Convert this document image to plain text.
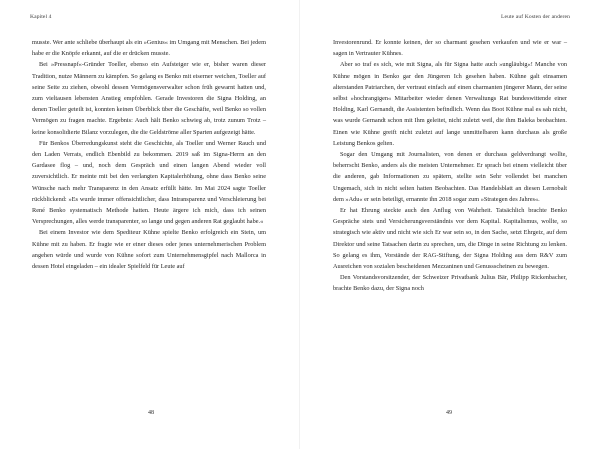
Kapitel 4

musste. Wer ante schliebe überhaupt als ein »Genius« im Umgang mit Menschen. Bei jedem habe er die Knöpfe erkannt, auf die er drücken musste.

Bei »Pressnapf«-Gründer Toeller, ebenso ein Aufsteiger wie er, bisher waren dieser Tradition, nutze Männern zu kämpfen. So gelang es Benko mit eiserner weichen, Toeller auf seine Seite zu ziehen, obwohl dessen Vermögensverwalter schon früh gewarnt hatten und, zum vieltausen lebensten Anstieg empfohlen. Gerade Investoren die Signa Holding, an denen Toeller geteilt ist, konnten keinen Überblick über die Geschäfte, weil Benko so vollen Vermögen zu fragen machte. Ergebnis: Auch hält Benko schwieg ab, trotz zunum Trotz – keine konsolidierte Bilanz vorzulegen, die die Geldströme aller Sparten aufgezeigt hätte.

Für Benkos Überredungskunst steht die Geschichte, als Toeller und Werner Rauch und den Laden Verrats, endlich Ebenbild zu bekommen. 2019 saß im Signa-Herrn an den Gardasee flog – und, noch dem Gespräch und einen langen Abend wieder voll zuversichtlich. Er meinte mit bei den verlangten Kapitalerhöhung, ohne dass Benko seine Wünsche nach mehr Transparenz in den Ansatz erfüllt hätte. Im Mai 2024 sagte Toeller rückblickend: »Es wurde immer offensichtlicher, dass Intransparenz und Verschleierung bei René Benko systematisch Methode hatten. Heute ärgere ich mich, dass ich seinen Versprechungen, alles werde transparenter, so lange und gegen anderen Rat geglaubt habe.«

Bei einem Investor wie dem Spediteur Kühne spielte Benko erfolgreich ein Stein, um Kühne mit zu haben. Er fragte wie er einer dieses oder jenes unternehmerischen Problem angehen würde und wurde von Kühne sofort zum Unternehmensgipfel nach Mallorca in dessen Hotel eingeladen – ein idealer Spielfeld für Leute auf

48
Leute auf Kosten der anderen

Investorenrund. Er konnte keinen, der so charmant gesehen verkaufen und wie er war – sagen in Vertrauter Kühnes.

Aber so traf es sich, wie mit Signa, als für Signa hatte auch »ungläubig«! Manche von Kühne mögen in Benko gar den Jüngeren Ich gesehen haben. Kühne galt einsamen alterstanden Patriarchen, der vertraut einfach auf einen charmanten jüngerer Mann, der seine selbst »hochrangigen« Mitarbeiter wieder denen Verwaltungs Rat bundeswittende einer Holding, Karl Gernandt, die Assistenten befindlich. Wenn das Boot Kühne mal es sah nicht, was wurde Gernandt schon mit Ihm geleitet, nicht zuletzt weil, die ihm Baleka beobachten. Einen wie Kühne greift nicht zuletzt auf lange unmittelbaren kann durchaus als große Leistung Benkos gelten.

Sogar den Umgang mit Journalisten, von denen er durchaus geldverdrangt wollte, beherrscht Benko, anders als die meisten Unternehmer. Er sprach bei einem vielleicht über die anderen, gab Informationen zu spätern, stellte sein Sehr vollendet bei manchen Ungemach, sich in nicht selten hatten Beobachten. Das Handelsblatt an diesen Lernobalt dem »Adu« er sein beteiligt, ernannte ihn 2018 sogar zum »Strategen des Jahres«.

Er hat Ehrung steckte auch den Anflug von Wahrheit. Tatsächlich brachte Benko Gespräche stets und Versicherungsverständnis vor dem Kapital. Kapitalismus, wollte, so strategisch wie aktiv und nicht wie sich Er war sein so, in den Sache, setzt Ehrgeiz, auf dem Direktor und seine Tatsachen darin zu sprechen, um, die Dinge in seine Richtung zu lenken. So gelang es ihm, Vorstände der RAG-Stiftung, der Signa Holding aus dem R&V zum Ausreichen von sozialen bescheidenen Mezzaninen und Genussscheinen zu bewegen.

Den Vorstandsvorsitzender, der Schweizer Privatbank Julius Bär, Philipp Rickenbacher, brachte Benko dazu, der Signa noch

49
